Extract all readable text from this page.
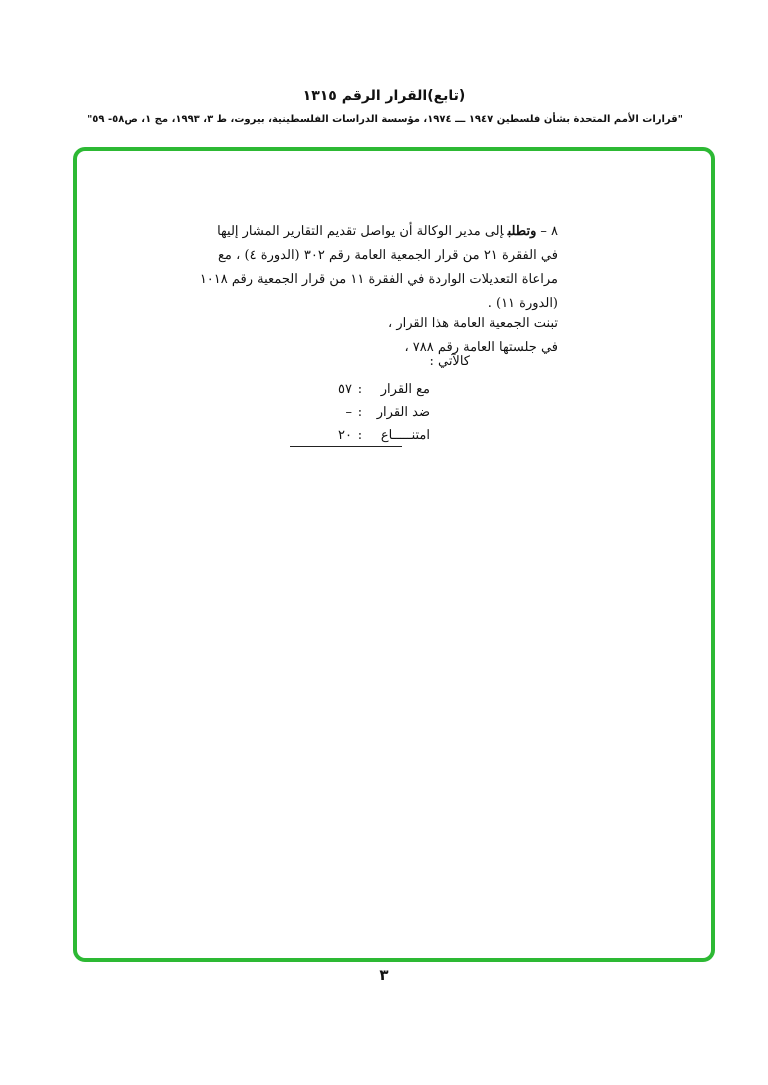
(تابع)القرار الرقم ١٣١٥
"قرارات الأمم المتحدة بشأن فلسطين ١٩٤٧ ـــ ١٩٧٤، مؤسسة الدراسات الفلسطينية، بيروت، ط ٣، ١٩٩٣، مج ١، ص٥٨- ٥٩"
٨ –وتطلبإلى مدير الوكالة أن يواصل تقديم التقارير المشار إليها
في الفقرة ٢١ من قرار الجمعية العامة رقم ٣٠٢ (الدورة ٤) ، مع
مراعاة التعديلات الواردة في الفقرة ١١ من قرار الجمعية رقم ١٠١٨
(الدورة ١١) .
تبنت الجمعية العامة هذا القرار ،
في جلستها العامة رقم ٧٨٨ ،
كالآتي :
مع القرار
:
٥٧
ضد القرار
:
–
امتنـــــاع
:
٢٠
٣
